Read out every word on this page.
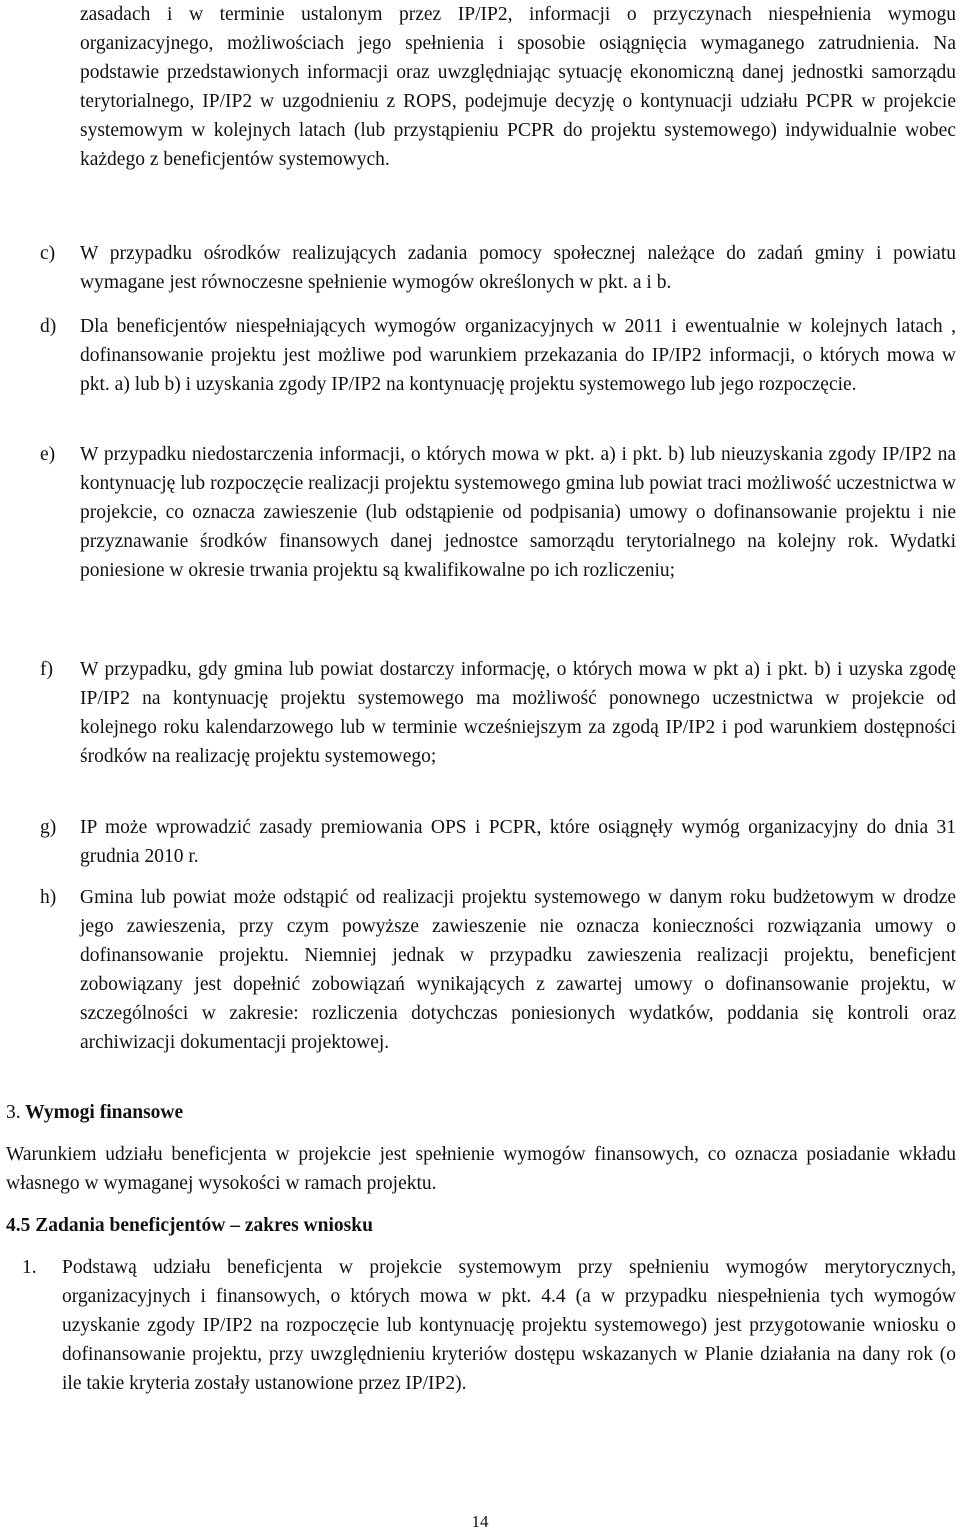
zasadach i w terminie ustalonym przez IP/IP2, informacji o przyczynach niespełnienia wymogu organizacyjnego, możliwościach jego spełnienia i sposobie osiągnięcia wymaganego zatrudnienia. Na podstawie przedstawionych informacji oraz uwzględniając sytuację ekonomiczną danej jednostki samorządu terytorialnego, IP/IP2 w uzgodnieniu z ROPS, podejmuje decyzję o kontynuacji udziału PCPR w projekcie systemowym w kolejnych latach (lub przystąpieniu PCPR do projektu systemowego) indywidualnie wobec każdego z beneficjentów systemowych.

c) W przypadku ośrodków realizujących zadania pomocy społecznej należące do zadań gminy i powiatu wymagane jest równoczesne spełnienie wymogów określonych w pkt. a i b.
d) Dla beneficjentów niespełniających wymogów organizacyjnych w 2011 i ewentualnie w kolejnych latach , dofinansowanie projektu jest możliwe pod warunkiem przekazania do IP/IP2 informacji, o których mowa w pkt. a) lub b) i uzyskania zgody IP/IP2 na kontynuację projektu systemowego lub jego rozpoczęcie.
e) W przypadku niedostarczenia informacji, o których mowa w pkt. a) i pkt. b) lub nieuzyskania zgody IP/IP2 na kontynuację lub rozpoczęcie realizacji projektu systemowego gmina lub powiat traci możliwość uczestnictwa w projekcie, co oznacza zawieszenie (lub odstąpienie od podpisania) umowy o dofinansowanie projektu i nie przyznawanie środków finansowych danej jednostce samorządu terytorialnego na kolejny rok. Wydatki poniesione w okresie trwania projektu są kwalifikowalne po ich rozliczeniu;
f) W przypadku, gdy gmina lub powiat dostarczy informację, o których mowa w pkt a) i pkt. b) i uzyska zgodę IP/IP2 na kontynuację projektu systemowego ma możliwość ponownego uczestnictwa w projekcie od kolejnego roku kalendarzowego lub w terminie wcześniejszym za zgodą IP/IP2 i pod warunkiem dostępności środków na realizację projektu systemowego;
g) IP może wprowadzić zasady premiowania OPS i PCPR, które osiągnęły wymóg organizacyjny do dnia 31 grudnia 2010 r.
h) Gmina lub powiat może odstąpić od realizacji projektu systemowego w danym roku budżetowym w drodze jego zawieszenia, przy czym powyższe zawieszenie nie oznacza konieczności rozwiązania umowy o dofinansowanie projektu. Niemniej jednak w przypadku zawieszenia realizacji projektu, beneficjent zobowiązany jest dopełnić zobowiązań wynikających z zawartej umowy o dofinansowanie projektu, w szczególności w zakresie: rozliczenia dotychczas poniesionych wydatków, poddania się kontroli oraz archiwizacji dokumentacji projektowej.
3. Wymogi finansowe

Warunkiem udziału beneficjenta w projekcie jest spełnienie wymogów finansowych, co oznacza posiadanie wkładu własnego w wymaganej wysokości w ramach projektu.

4.5 Zadania beneficjentów – zakres wniosku
1. Podstawą udziału beneficjenta w projekcie systemowym przy spełnieniu wymogów merytorycznych, organizacyjnych i finansowych, o których mowa w pkt. 4.4 (a w przypadku niespełnienia tych wymogów uzyskanie zgody IP/IP2 na rozpoczęcie lub kontynuację projektu systemowego) jest przygotowanie wniosku o dofinansowanie projektu, przy uwzględnieniu kryteriów dostępu wskazanych w Planie działania na dany rok (o ile takie kryteria zostały ustanowione przez IP/IP2).
14
